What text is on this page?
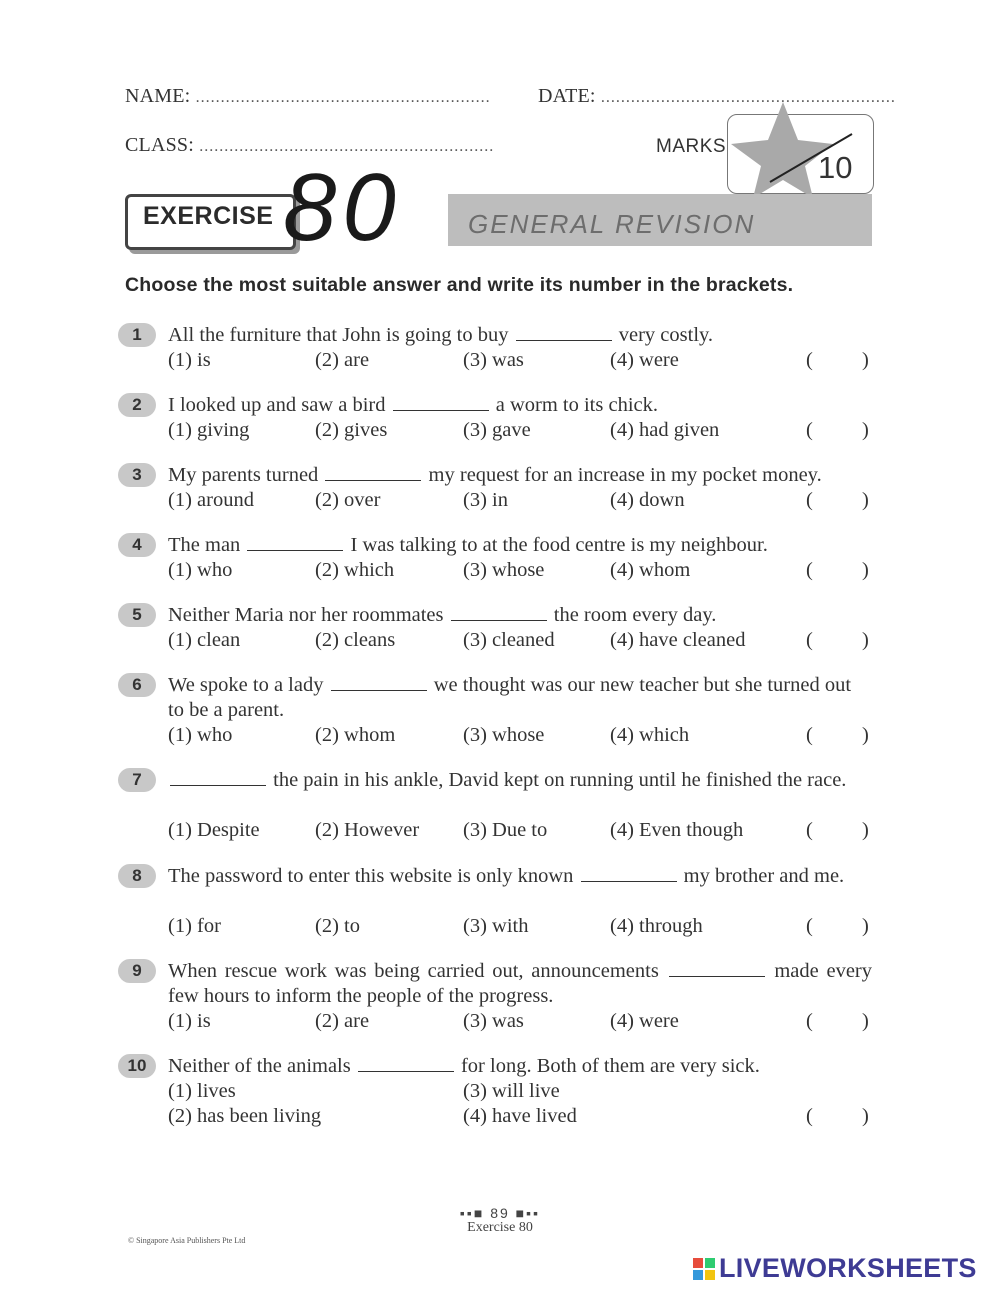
NAME: ........................................................... DATE: ...........................................................
CLASS: ...........................................................	MARKS
10
EXERCISE 80	GENERAL REVISION
Choose the most suitable answer and write its number in the brackets.
1	All the furniture that John is going to buy	very costly.
(1) is	(2) are	(3) was	(4) were	( )
2	I looked up and saw a bird	a worm to its chick.
(1) giving	(2) gives	(3) gave	(4) had given	( )
3	My parents turned	my request for an increase in my pocket money.
(1) around	(2) over	(3) in	(4) down	( )
4	The man	I was talking to at the food centre is my neighbour.
(1) who	(2) which	(3) whose	(4) whom	( )
5	Neither Maria nor her roommates	the room every day.
(1) clean	(2) cleans	(3) cleaned	(4) have cleaned	( )
6	We spoke to a lady	we thought was our new teacher but she turned out to be a parent.
(1) who	(2) whom	(3) whose	(4) which	( )
7	the pain in his ankle, David kept on running until he finished the race.
(1) Despite	(2) However (3) Due to	(4) Even though	( )
8	The password to enter this website is only known	my brother and me.
(1) for	(2) to	(3) with	(4) through	( )
9	When rescue work was being carried out, announcements	made every few hours to inform the people of the progress.
(1) is	(2) are	(3) was	(4) were	( )
10	Neither of the animals	for long. Both of them are very sick.
(1) lives	(3) will live
(2) has been living	(4) have lived	( )
▪▪■ 89 ■▪▪
Exercise 80
© Singapore Asia Publishers Pte Ltd
LIVEWORKSHEETS
